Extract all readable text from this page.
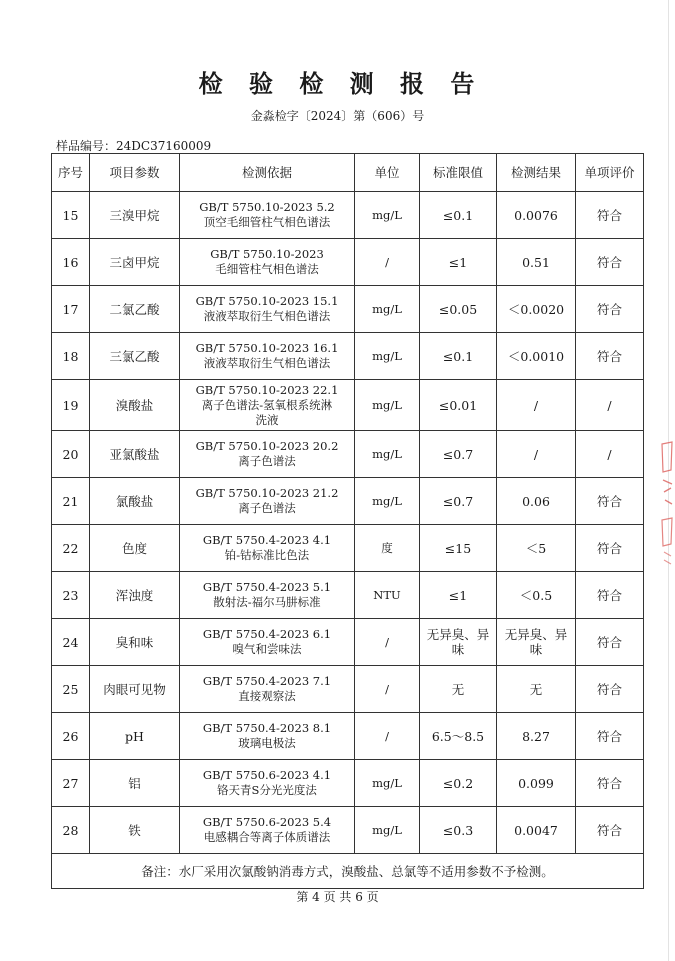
检 验 检 测 报 告
金淼检字〔2024〕第（606）号
样品编号：24DC37160009
序号	项目参数	检测依据	单位	标准限值	检测结果	单项评价
15	三溴甲烷	GB/T 5750.10-2023 5.2
顶空毛细管柱气相色谱法	mg/L	≤0.1	0.0076	符合
16	三卤甲烷	GB/T 5750.10-2023
毛细管柱气相色谱法	/	≤1	0.51	符合
17	二氯乙酸	GB/T 5750.10-2023 15.1
液液萃取衍生气相色谱法	mg/L	≤0.05	＜0.0020	符合
18	三氯乙酸	GB/T 5750.10-2023 16.1
液液萃取衍生气相色谱法	mg/L	≤0.1	＜0.0010	符合
19	溴酸盐	GB/T 5750.10-2023 22.1
离子色谱法-氢氧根系统淋
洗液	mg/L	≤0.01	/	/
20	亚氯酸盐	GB/T 5750.10-2023 20.2
离子色谱法	mg/L	≤0.7	/	/
21	氯酸盐	GB/T 5750.10-2023 21.2
离子色谱法	mg/L	≤0.7	0.06	符合
22	色度	GB/T 5750.4-2023 4.1
铂-钴标准比色法	度	≤15	＜5	符合
23	浑浊度	GB/T 5750.4-2023 5.1
散射法-福尔马肼标准	NTU	≤1	＜0.5	符合
24	臭和味	GB/T 5750.4-2023 6.1
嗅气和尝味法	/	无异臭、异味	无异臭、异味	符合
25	肉眼可见物	GB/T 5750.4-2023 7.1
直接观察法	/	无	无	符合
26	pH	GB/T 5750.4-2023 8.1
玻璃电极法	/	6.5～8.5	8.27	符合
27	铝	GB/T 5750.6-2023 4.1
铬天青S分光光度法	mg/L	≤0.2	0.099	符合
28	铁	GB/T 5750.6-2023 5.4
电感耦合等离子体质谱法	mg/L	≤0.3	0.0047	符合
备注：水厂采用次氯酸钠消毒方式，溴酸盐、总氯等不适用参数不予检测。						
第 4 页 共 6 页
